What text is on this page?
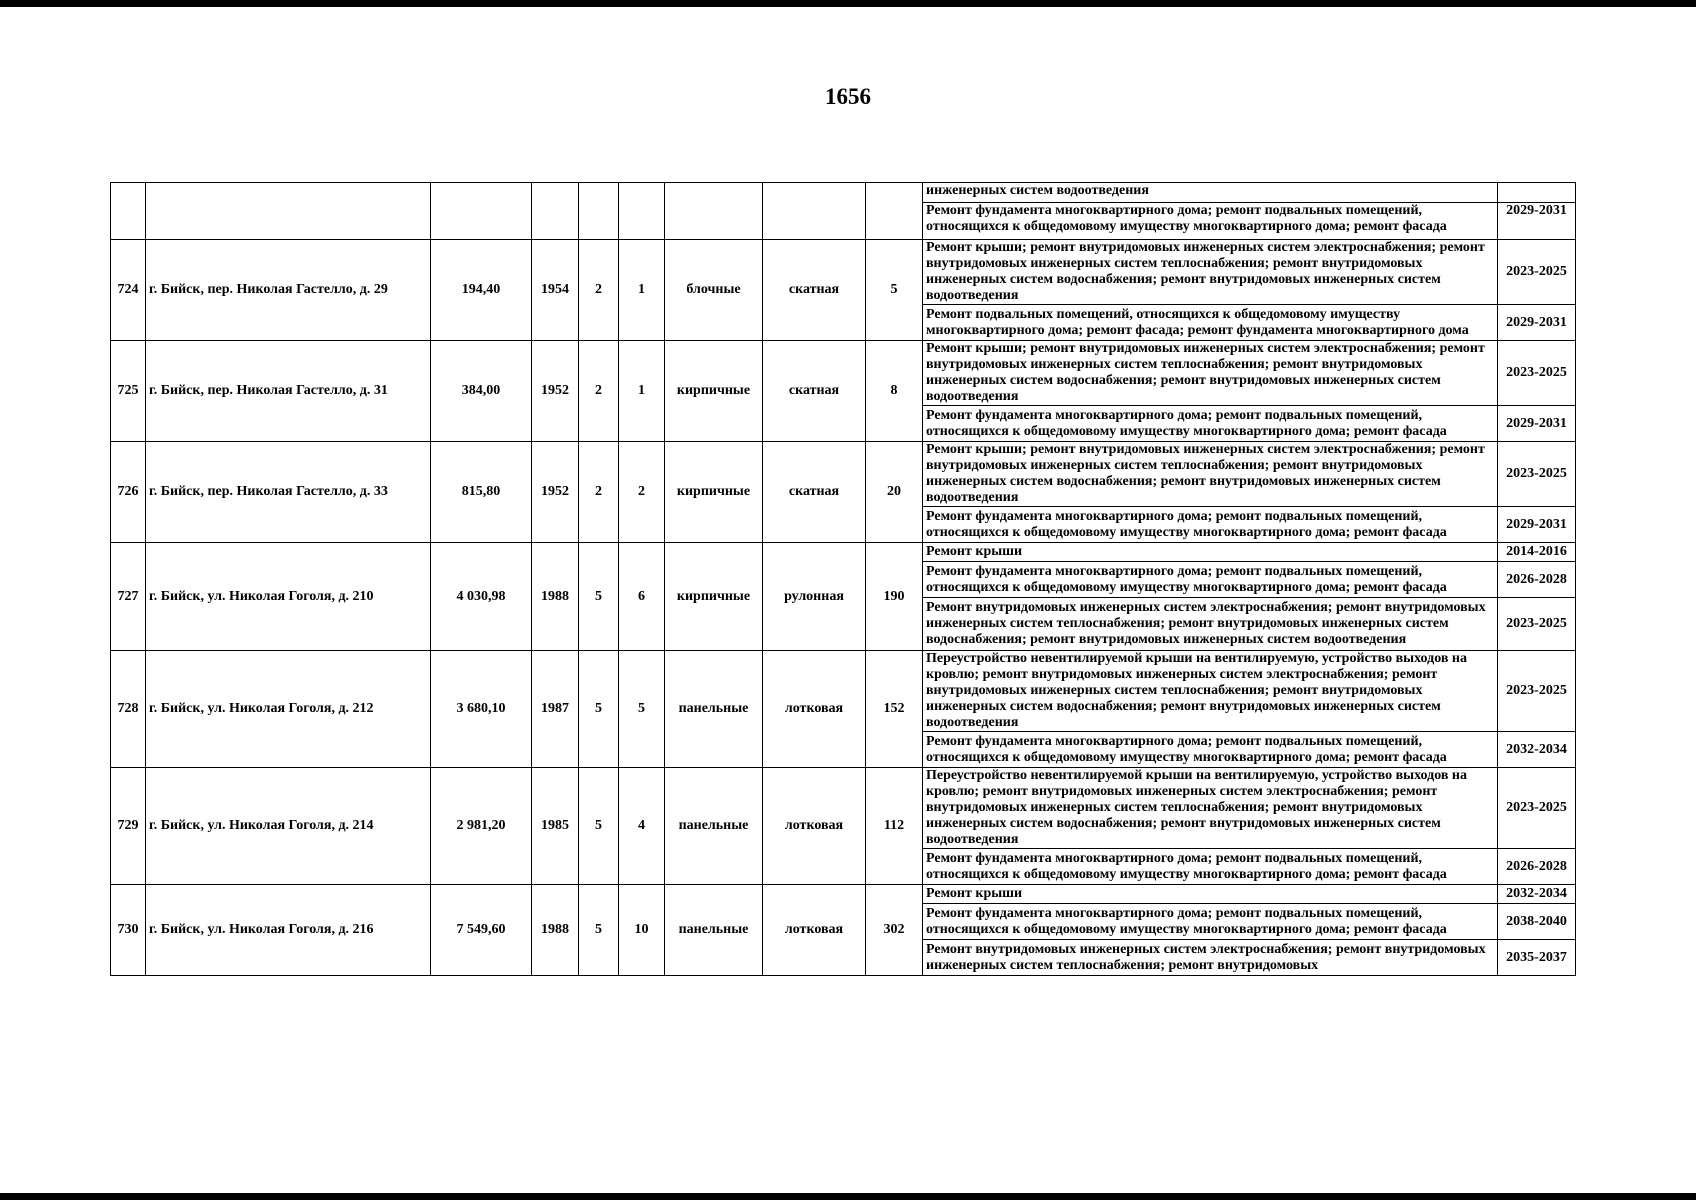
1656
									инженерных систем водоотведения	
									Ремонт фундамента многоквартирного дома; ремонт подвальных помещений, относящихся к общедомовому имуществу многоквартирного дома; ремонт фасада	2029-2031
724	г. Бийск, пер. Николая Гастелло, д. 29	194,40	1954	2	1	блочные	скатная	5	Ремонт крыши; ремонт внутридомовых инженерных систем электроснабжения; ремонт внутридомовых инженерных систем теплоснабжения; ремонт внутридомовых инженерных систем водоснабжения; ремонт внутридомовых инженерных систем водоотведения	2023-2025
									Ремонт подвальных помещений, относящихся к общедомовому имуществу многоквартирного дома; ремонт фасада; ремонт фундамента многоквартирного дома	2029-2031
725	г. Бийск, пер. Николая Гастелло, д. 31	384,00	1952	2	1	кирпичные	скатная	8	Ремонт крыши; ремонт внутридомовых инженерных систем электроснабжения; ремонт внутридомовых инженерных систем теплоснабжения; ремонт внутридомовых инженерных систем водоснабжения; ремонт внутридомовых инженерных систем водоотведения	2023-2025
									Ремонт фундамента многоквартирного дома; ремонт подвальных помещений, относящихся к общедомовому имуществу многоквартирного дома; ремонт фасада	2029-2031
726	г. Бийск, пер. Николая Гастелло, д. 33	815,80	1952	2	2	кирпичные	скатная	20	Ремонт крыши; ремонт внутридомовых инженерных систем электроснабжения; ремонт внутридомовых инженерных систем теплоснабжения; ремонт внутридомовых инженерных систем водоснабжения; ремонт внутридомовых инженерных систем водоотведения	2023-2025
									Ремонт фундамента многоквартирного дома; ремонт подвальных помещений, относящихся к общедомовому имуществу многоквартирного дома; ремонт фасада	2029-2031
727	г. Бийск, ул. Николая Гоголя, д. 210	4 030,98	1988	5	6	кирпичные	рулонная	190	Ремонт крыши	2014-2016
									Ремонт фундамента многоквартирного дома; ремонт подвальных помещений, относящихся к общедомовому имуществу многоквартирного дома; ремонт фасада	2026-2028
									Ремонт внутридомовых инженерных систем электроснабжения; ремонт внутридомовых инженерных систем теплоснабжения; ремонт внутридомовых инженерных систем водоснабжения; ремонт внутридомовых инженерных систем водоотведения	2023-2025
728	г. Бийск, ул. Николая Гоголя, д. 212	3 680,10	1987	5	5	панельные	лотковая	152	Переустройство невентилируемой крыши на вентилируемую, устройство выходов на кровлю; ремонт внутридомовых инженерных систем электроснабжения; ремонт внутридомовых инженерных систем теплоснабжения; ремонт внутридомовых инженерных систем водоснабжения; ремонт внутридомовых инженерных систем водоотведения	2023-2025
									Ремонт фундамента многоквартирного дома; ремонт подвальных помещений, относящихся к общедомовому имуществу многоквартирного дома; ремонт фасада	2032-2034
729	г. Бийск, ул. Николая Гоголя, д. 214	2 981,20	1985	5	4	панельные	лотковая	112	Переустройство невентилируемой крыши на вентилируемую, устройство выходов на кровлю; ремонт внутридомовых инженерных систем электроснабжения; ремонт внутридомовых инженерных систем теплоснабжения; ремонт внутридомовых инженерных систем водоснабжения; ремонт внутридомовых инженерных систем водоотведения	2023-2025
									Ремонт фундамента многоквартирного дома; ремонт подвальных помещений, относящихся к общедомовому имуществу многоквартирного дома; ремонт фасада	2026-2028
730	г. Бийск, ул. Николая Гоголя, д. 216	7 549,60	1988	5	10	панельные	лотковая	302	Ремонт крыши	2032-2034
									Ремонт фундамента многоквартирного дома; ремонт подвальных помещений, относящихся к общедомовому имуществу многоквартирного дома; ремонт фасада	2038-2040
									Ремонт внутридомовых инженерных систем электроснабжения; ремонт внутридомовых инженерных систем теплоснабжения; ремонт внутридомовых	2035-2037
